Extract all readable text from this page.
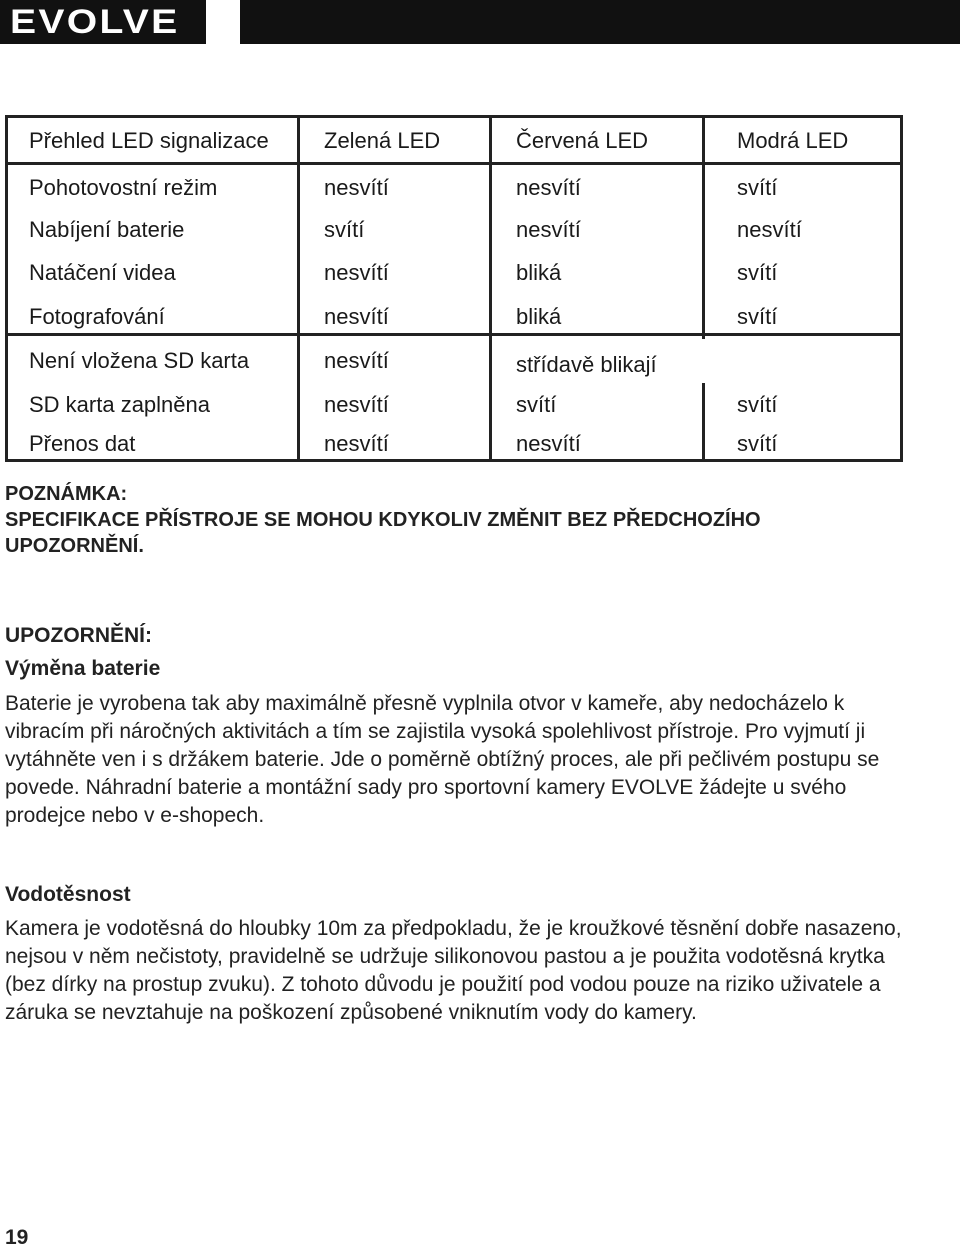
EVOLVE
Přehled LED signalizace	Zelená LED	Červená LED	Modrá LED
Pohotovostní režim	nesvítí	nesvítí	svítí
Nabíjení baterie	svítí	nesvítí	nesvítí
Natáčení videa	nesvítí	bliká	svítí
Fotografování	nesvítí	bliká	svítí
Není vložena SD karta	nesvítí	střídavě blikají	
SD karta zaplněna	nesvítí	svítí	svítí
Přenos dat	nesvítí	nesvítí	svítí
POZNÁMKA:
SPECIFIKACE PŘÍSTROJE SE MOHOU KDYKOLIV ZMĚNIT BEZ PŘEDCHOZÍHO
UPOZORNĚNÍ.
UPOZORNĚNÍ:
Výměna baterie

Baterie je vyrobena tak aby maximálně přesně vyplnila otvor v kameře, aby nedocházelo k vibracím při náročných aktivitách a tím se zajistila vysoká spolehlivost přístroje. Pro vyjmutí ji vytáhněte ven i s držákem baterie. Jde o poměrně obtížný proces, ale při pečlivém postupu se povede. Náhradní baterie a montážní sady pro sportovní kamery EVOLVE žádejte u svého prodejce nebo v e-shopech.

Vodotěsnost

Kamera je vodotěsná do hloubky 10m za předpokladu, že je kroužkové těsnění dobře nasazeno, nejsou v něm nečistoty, pravidelně se udržuje silikonovou pastou a je použita vodotěsná krytka (bez dírky na prostup zvuku). Z tohoto důvodu je použití pod vodou pouze na riziko uživatele a záruka se nevztahuje na poškození způsobené vniknutím vody do kamery.

19
